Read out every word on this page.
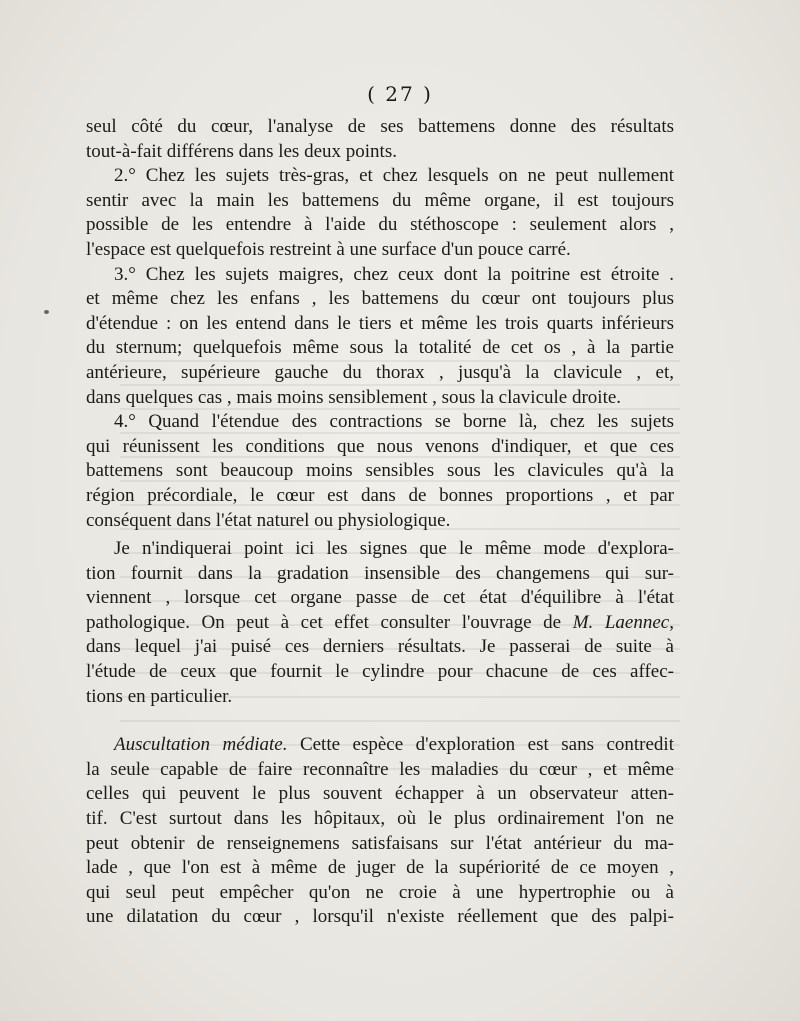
( 27 )
seul côté du cœur, l'analyse de ses battemens donne des résultats
tout-à-fait différens dans les deux points.
2.° Chez les sujets très-gras, et chez lesquels on ne peut nullement
sentir avec la main les battemens du même organe, il est toujours
possible de les entendre à l'aide du stéthoscope : seulement alors ,
l'espace est quelquefois restreint à une surface d'un pouce carré.
3.° Chez les sujets maigres, chez ceux dont la poitrine est étroite .
et même chez les enfans , les battemens du cœur ont toujours plus
d'étendue : on les entend dans le tiers et même les trois quarts inférieurs
du sternum; quelquefois même sous la totalité de cet os , à la partie
antérieure, supérieure gauche du thorax , jusqu'à la clavicule , et,
dans quelques cas , mais moins sensiblement , sous la clavicule droite.
4.° Quand l'étendue des contractions se borne là, chez les sujets
qui réunissent les conditions que nous venons d'indiquer, et que ces
battemens sont beaucoup moins sensibles sous les clavicules qu'à la
région précordiale, le cœur est dans de bonnes proportions , et par
conséquent dans l'état naturel ou physiologique.
Je n'indiquerai point ici les signes que le même mode d'explora-
tion fournit dans la gradation insensible des changemens qui sur-
viennent , lorsque cet organe passe de cet état d'équilibre à l'état
pathologique. On peut à cet effet consulter l'ouvrage de M. Laennec,
dans lequel j'ai puisé ces derniers résultats. Je passerai de suite à
l'étude de ceux que fournit le cylindre pour chacune de ces affec-
tions en particulier.
Auscultation médiate. Cette espèce d'exploration est sans contredit
la seule capable de faire reconnaître les maladies du cœur , et même
celles qui peuvent le plus souvent échapper à un observateur atten-
tif. C'est surtout dans les hôpitaux, où le plus ordinairement l'on ne
peut obtenir de renseignemens satisfaisans sur l'état antérieur du ma-
lade , que l'on est à même de juger de la supériorité de ce moyen ,
qui seul peut empêcher qu'on ne croie à une hypertrophie ou à
une dilatation du cœur , lorsqu'il n'existe réellement que des palpi-
